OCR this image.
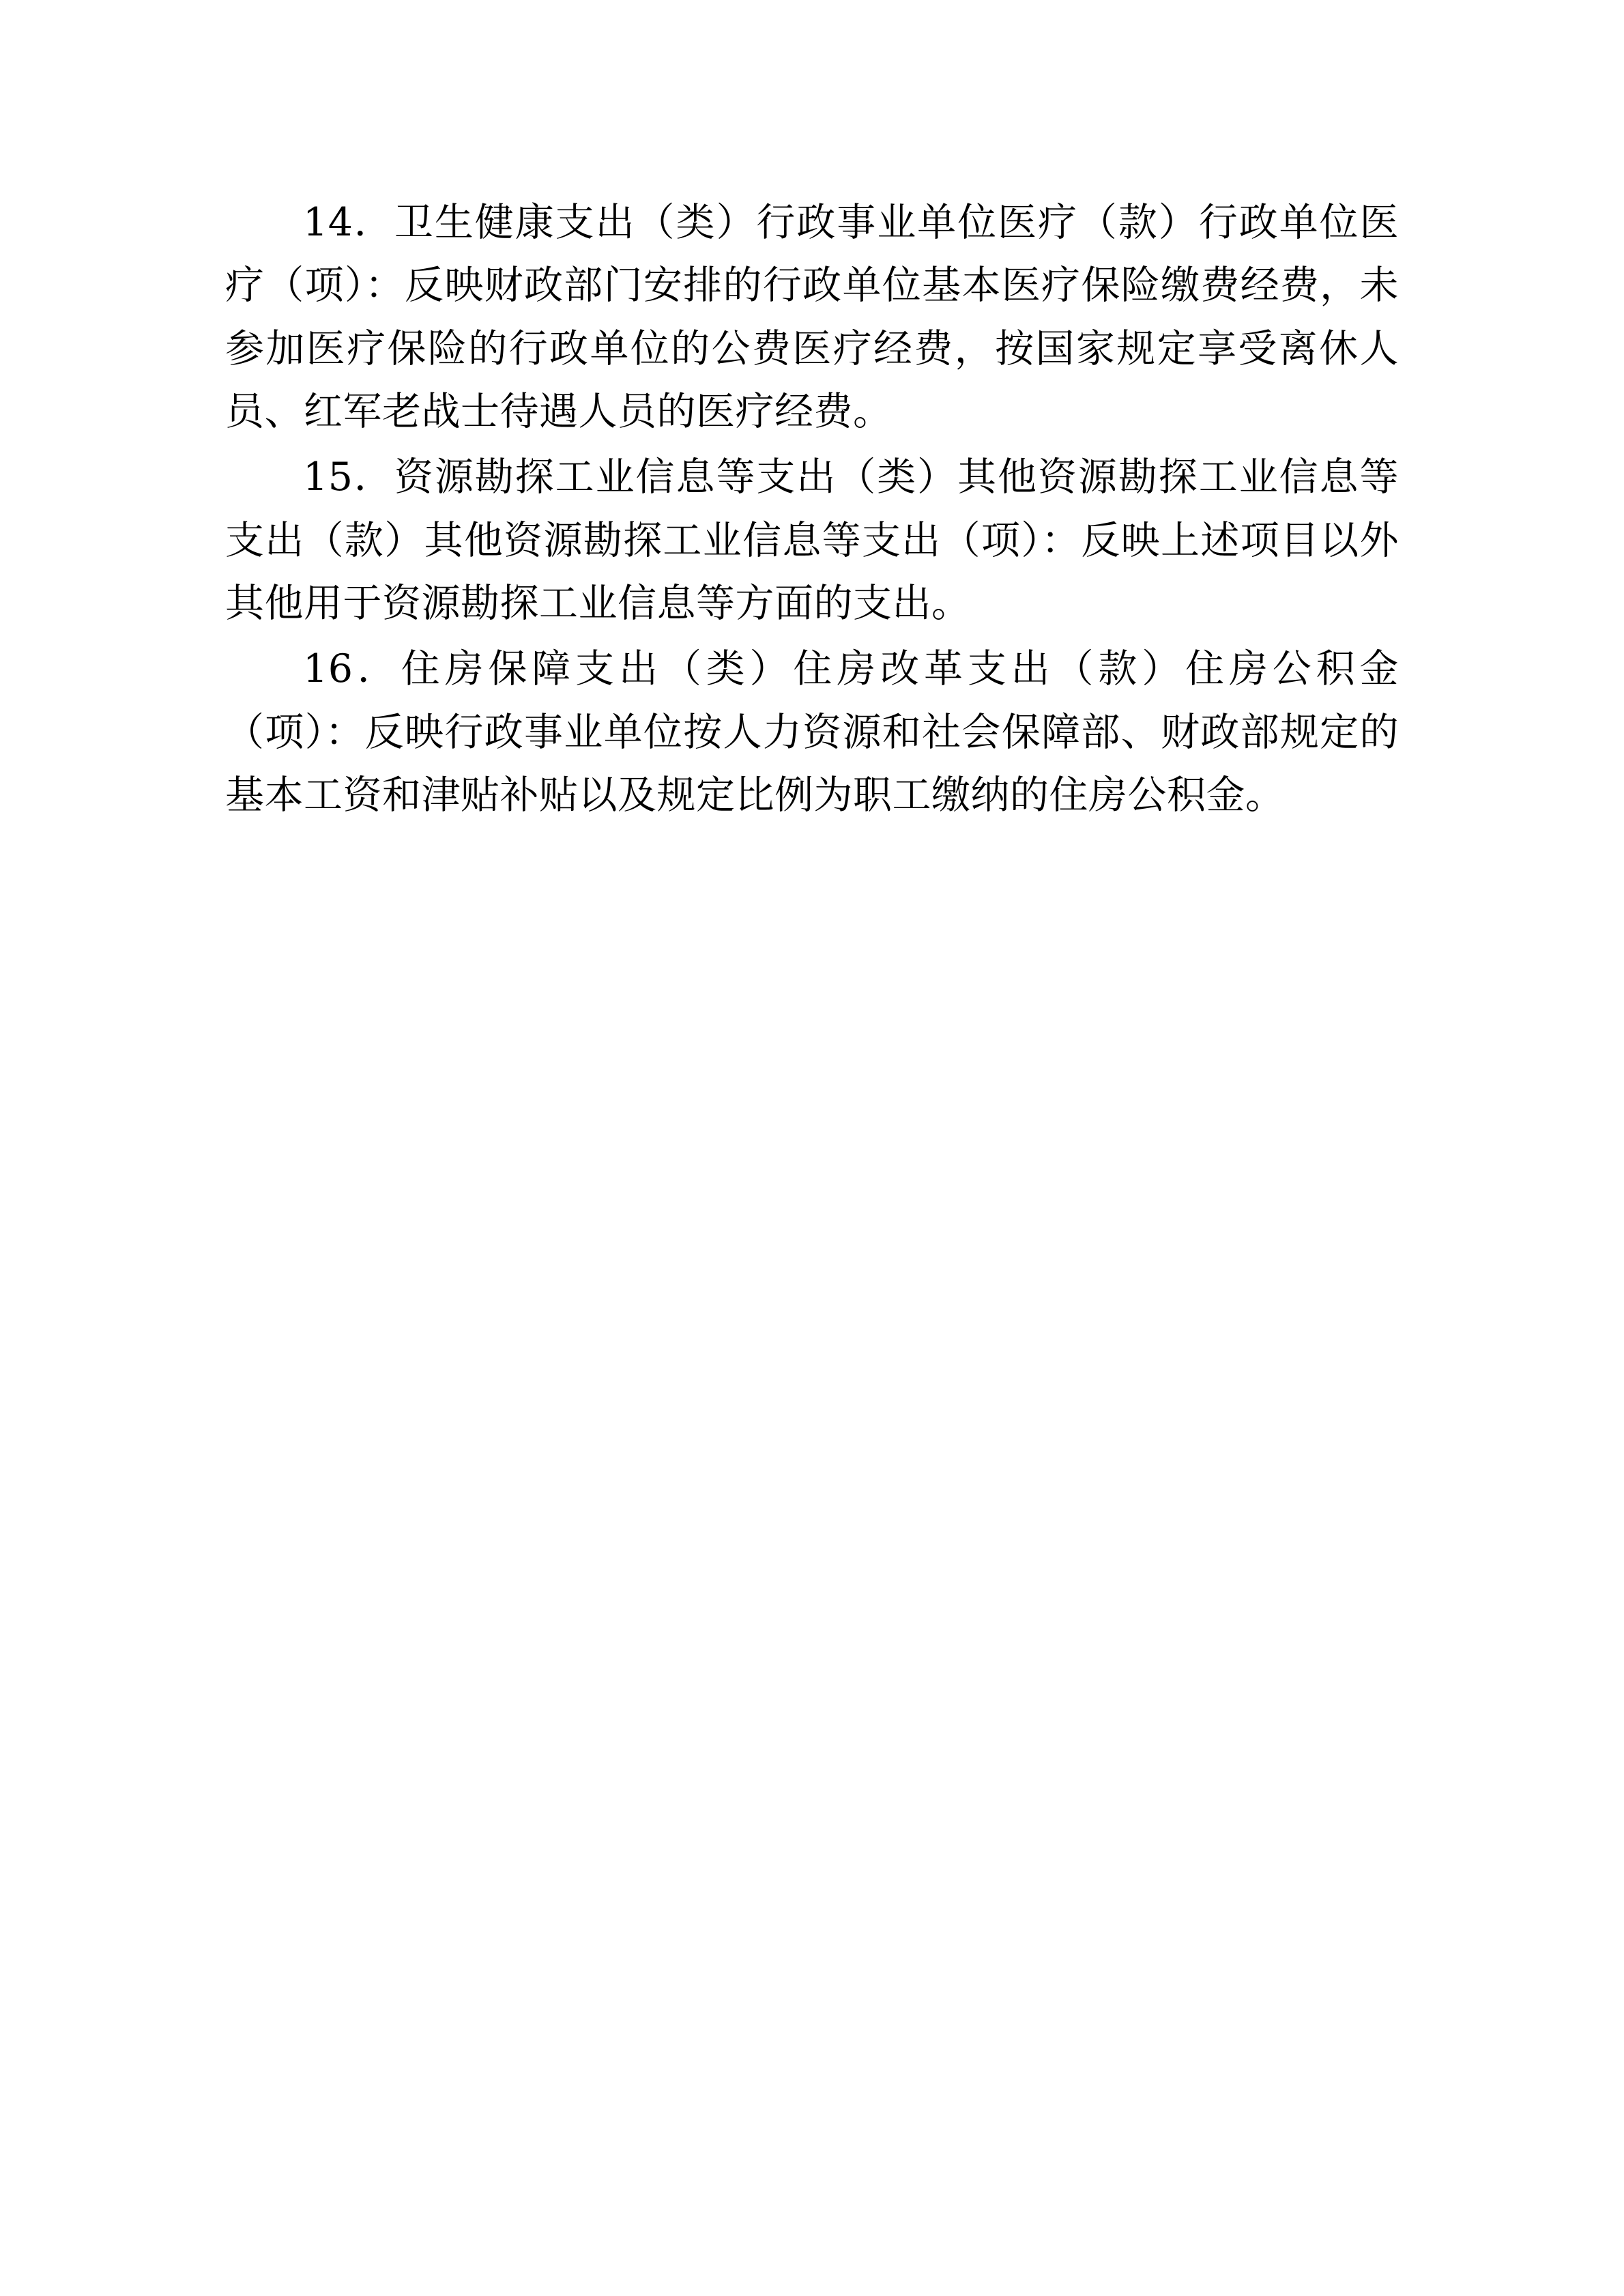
14．卫生健康支出（类）行政事业单位医疗（款）行政单位医疗（项）：反映财政部门安排的行政单位基本医疗保险缴费经费，未参加医疗保险的行政单位的公费医疗经费，按国家规定享受离休人员、红军老战士待遇人员的医疗经费。

15．资源勘探工业信息等支出（类）其他资源勘探工业信息等支出（款）其他资源勘探工业信息等支出（项）：反映上述项目以外其他用于资源勘探工业信息等方面的支出。

16．住房保障支出（类）住房改革支出（款）住房公积金（项）：反映行政事业单位按人力资源和社会保障部、财政部规定的基本工资和津贴补贴以及规定比例为职工缴纳的住房公积金。
